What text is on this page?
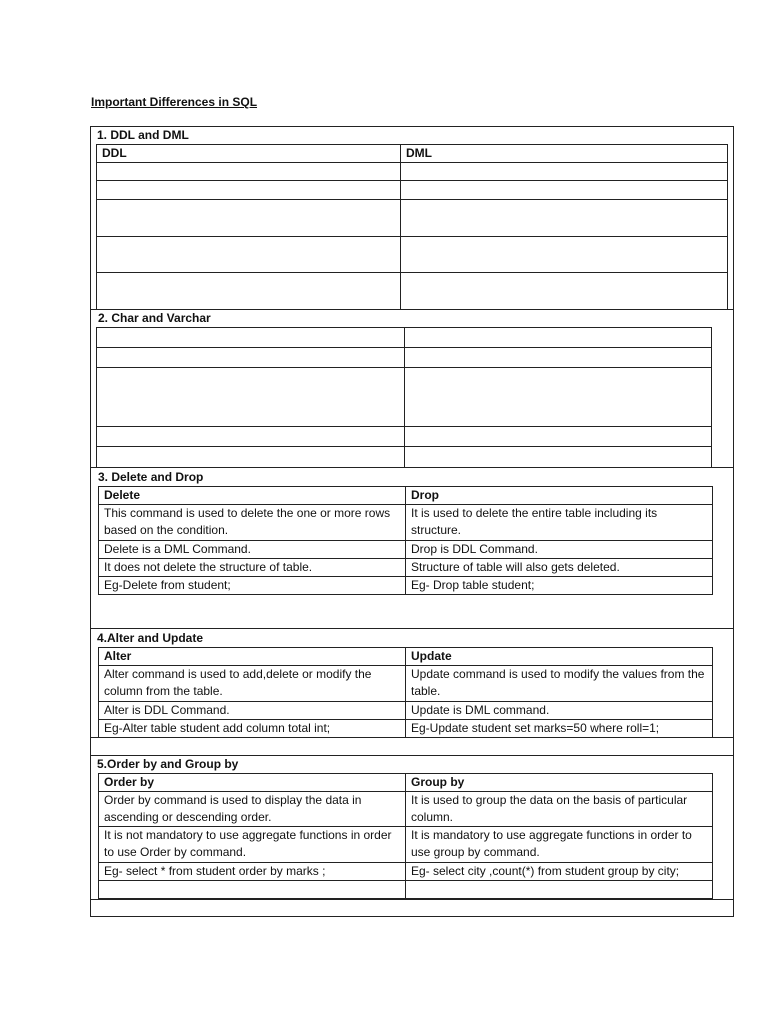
Important Differences in SQL
1. DDL and DML
DDL	DML

2. Char and Varchar

3. Delete and Drop
Delete	Drop
This command is used to delete the one or more rows based on the condition.	It is used to delete the entire table including its structure.
Delete is a DML Command.	Drop is DDL Command.
It does not delete the structure of table.	Structure of table will also gets deleted.
Eg-Delete from student;	Eg- Drop table student;
4.Alter and Update
Alter	Update
Alter command is used to add,delete or modify the column from the table.	Update command is used to modify the values from the table.
Alter is DDL Command.	Update is DML command.
Eg-Alter table student add column total int;	Eg-Update student set marks=50 where roll=1;
5.Order by and Group by
Order by	Group by
Order by command is used to display the data in ascending or descending order.	It is used to group the data on the basis of particular column.
It is not mandatory to use aggregate functions in order to use Order by command.	It is mandatory to use aggregate functions in order to use group by command.
Eg- select * from student order by marks ;	Eg- select city ,count(*) from student group by city;
